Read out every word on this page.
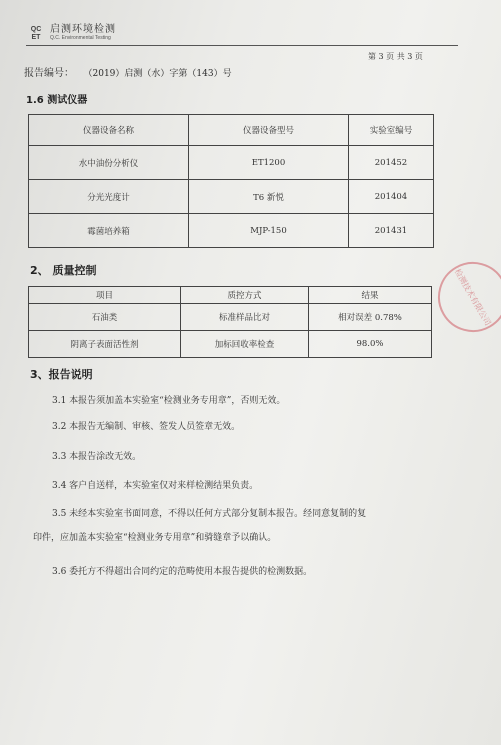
QC ET
启测环境检测
Q.C. Environmental Testing
第 3 页 共 3 页
报告编号： （2019）启测（水）字第（143）号
1.6 测试仪器
仪器设备名称	仪器设备型号	实验室编号
水中油份分析仪	ET1200	201452
分光光度计	T6 新悦	201404
霉菌培养箱	MJP-150	201431
2、 质量控制
项目	质控方式	结果
石油类	标准样品比对	相对误差 0.78%
阴离子表面活性剂	加标回收率检查	98.0%
3、报告说明
3.1 本报告须加盖本实验室“检测业务专用章”，否则无效。
3.2 本报告无编制、审核、签发人员签章无效。
3.3 本报告涂改无效。
3.4 客户自送样，本实验室仅对来样检测结果负责。
3.5 未经本实验室书面同意，不得以任何方式部分复制本报告。经同意复制的复
印件，应加盖本实验室“检测业务专用章”和骑缝章予以确认。
3.6 委托方不得超出合同约定的范畴使用本报告提供的检测数据。
检测技术有限公司
